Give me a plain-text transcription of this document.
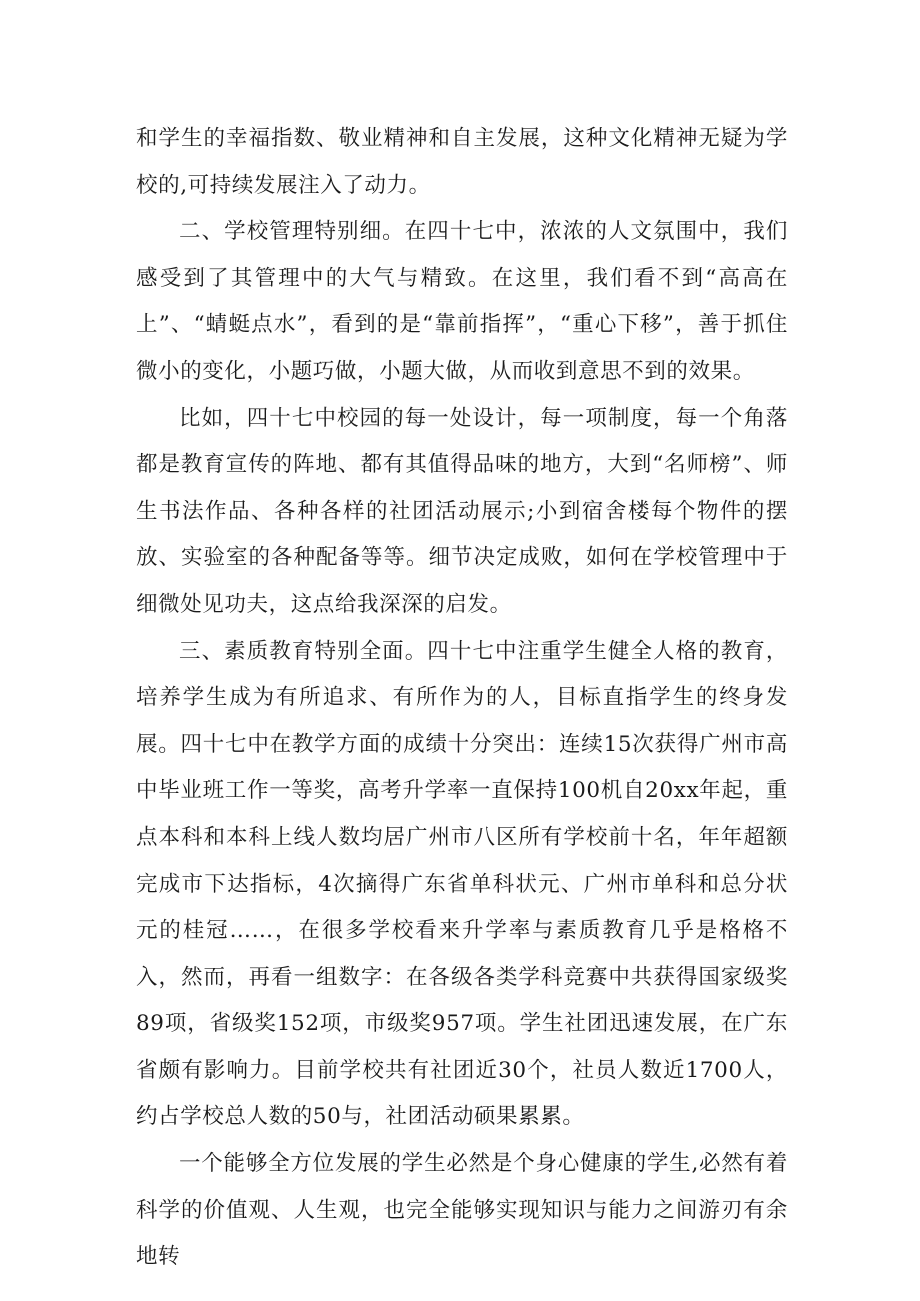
和学生的幸福指数、敬业精神和自主发展，这种文化精神无疑为学校的,可持续发展注入了动力。

二、学校管理特别细。在四十七中，浓浓的人文氛围中，我们感受到了其管理中的大气与精致。在这里，我们看不到“高高在上”、“蜻蜓点水”，看到的是“靠前指挥”，“重心下移”，善于抓住微小的变化，小题巧做，小题大做，从而收到意思不到的效果。

比如，四十七中校园的每一处设计，每一项制度，每一个角落都是教育宣传的阵地、都有其值得品味的地方，大到“名师榜”、师生书法作品、各种各样的社团活动展示;小到宿舍楼每个物件的摆放、实验室的各种配备等等。细节决定成败，如何在学校管理中于细微处见功夫，这点给我深深的启发。

三、素质教育特别全面。四十七中注重学生健全人格的教育，培养学生成为有所追求、有所作为的人，目标直指学生的终身发展。四十七中在教学方面的成绩十分突出：连续15次获得广州市高中毕业班工作一等奖，高考升学率一直保持100机自20xx年起，重点本科和本科上线人数均居广州市八区所有学校前十名，年年超额完成市下达指标，4次摘得广东省单科状元、广州市单科和总分状元的桂冠……，在很多学校看来升学率与素质教育几乎是格格不入，然而，再看一组数字：在各级各类学科竞赛中共获得国家级奖89项，省级奖152项，市级奖957项。学生社团迅速发展，在广东省颇有影响力。目前学校共有社团近30个，社员人数近1700人，约占学校总人数的50与，社团活动硕果累累。

一个能够全方位发展的学生必然是个身心健康的学生,必然有着科学的价值观、人生观，也完全能够实现知识与能力之间游刃有余地转
